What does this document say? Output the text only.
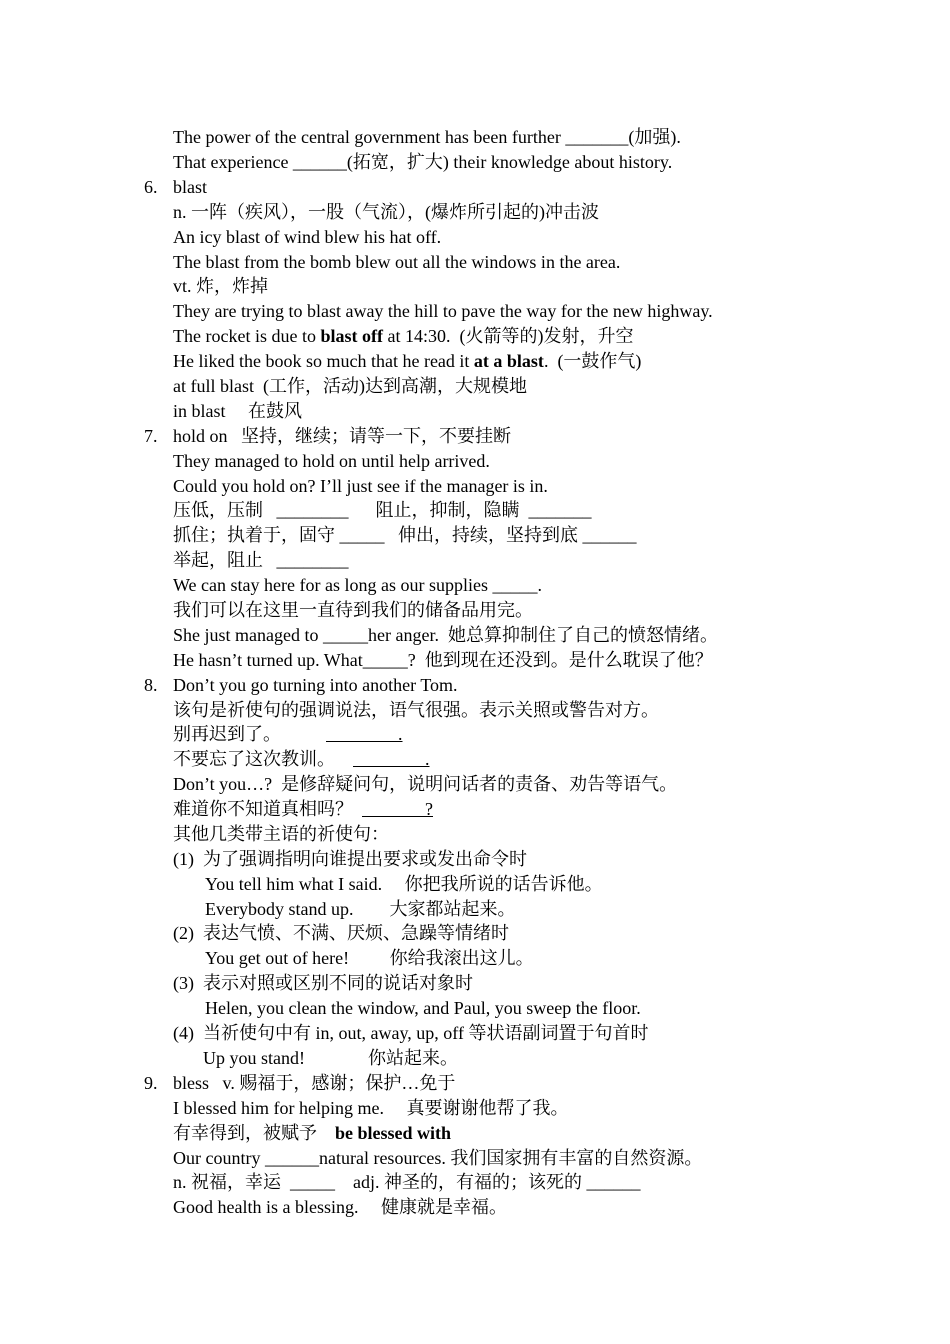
The power of the central government has been further _______(加强).
That experience ______(拓宽，扩大) their knowledge about history.
6. blast
n. 一阵（疾风），一股（气流），(爆炸所引起的)冲击波
An icy blast of wind blew his hat off.
The blast from the bomb blew out all the windows in the area.
vt. 炸，炸掉
They are trying to blast away the hill to pave the way for the new highway.
The rocket is due to blast off at 14:30.  (火箭等的)发射，升空
He liked the book so much that he read it at a blast.  (一鼓作气)
at full blast  (工作，活动)达到高潮，大规模地
in blast     在鼓风
7. hold on   坚持，继续；请等一下，不要挂断
They managed to hold on until help arrived.
Could you hold on? I’ll just see if the manager is in.
压低，压制   ________      阻止，抑制，隐瞒  _______
抓住；执着于，固守 _____   伸出，持续，坚持到底 ______
举起，阻止   ________
We can stay here for as long as our supplies _____.
我们可以在这里一直待到我们的储备品用完。
She just managed to _____her anger.  她总算抑制住了自己的愤怒情绪。
He hasn’t turned up. What_____?  他到现在还没到。是什么耽误了他？
8. Don’t you go turning into another Tom.
该句是祈使句的强调说法，语气很强。表示关照或警告对方。
别再迟到了。                          .
不要忘了这次教训。                    .
Don’t you…?  是修辞疑问句，说明问话者的责备、劝告等语气。
难道你不知道真相吗？                ?
其他几类带主语的祈使句：
(1) 为了强调指明向谁提出要求或发出命令时
You tell him what I said.     你把我所说的话告诉他。
Everybody stand up.        大家都站起来。
(2) 表达气愤、不满、厌烦、急躁等情绪时
You get out of here!         你给我滚出这儿。
(3) 表示对照或区别不同的说话对象时
Helen, you clean the window, and Paul, you sweep the floor.
(4) 当祈使句中有 in, out, away, up, off 等状语副词置于句首时
Up you stand!              你站起来。
9. bless   v. 赐福于，感谢；保护…免于
I blessed him for helping me.     真要谢谢他帮了我。
有幸得到，被赋予    be blessed with
Our country ______natural resources. 我们国家拥有丰富的自然资源。
n. 祝福，幸运  _____    adj. 神圣的，有福的；该死的 ______
Good health is a blessing.     健康就是幸福。
